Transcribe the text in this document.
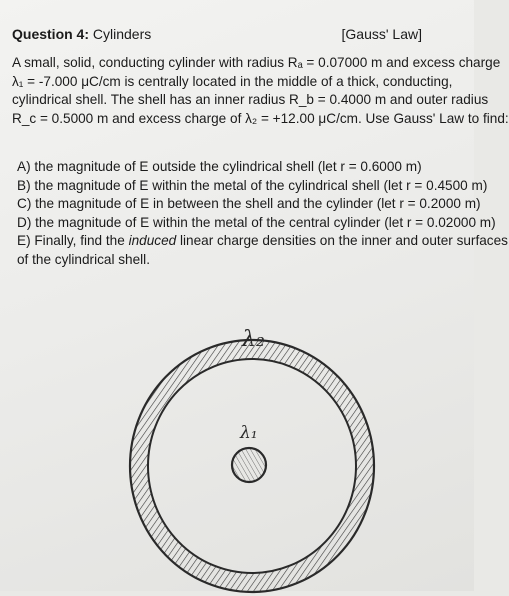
Question 4: Cylinders	[Gauss' Law]

A small, solid, conducting cylinder with radius Rₐ = 0.07000 m and excess charge

λ₁ = -7.000 μC/cm is centrally located in the middle of a thick, conducting,

cylindrical shell. The shell has an inner radius R_b = 0.4000 m and outer radius

R_c = 0.5000 m and excess charge of λ₂ = +12.00 μC/cm. Use Gauss' Law to find:

A) the magnitude of E outside the cylindrical shell (let r = 0.6000 m)

B) the magnitude of E within the metal of the cylindrical shell (let r = 0.4500 m)

C) the magnitude of E in between the shell and the cylinder (let r = 0.2000 m)

D) the magnitude of E within the metal of the central cylinder (let r = 0.02000 m)

E) Finally, find the induced linear charge densities on the inner and outer surfaces

of the cylindrical shell.

λ₂
λ₁
